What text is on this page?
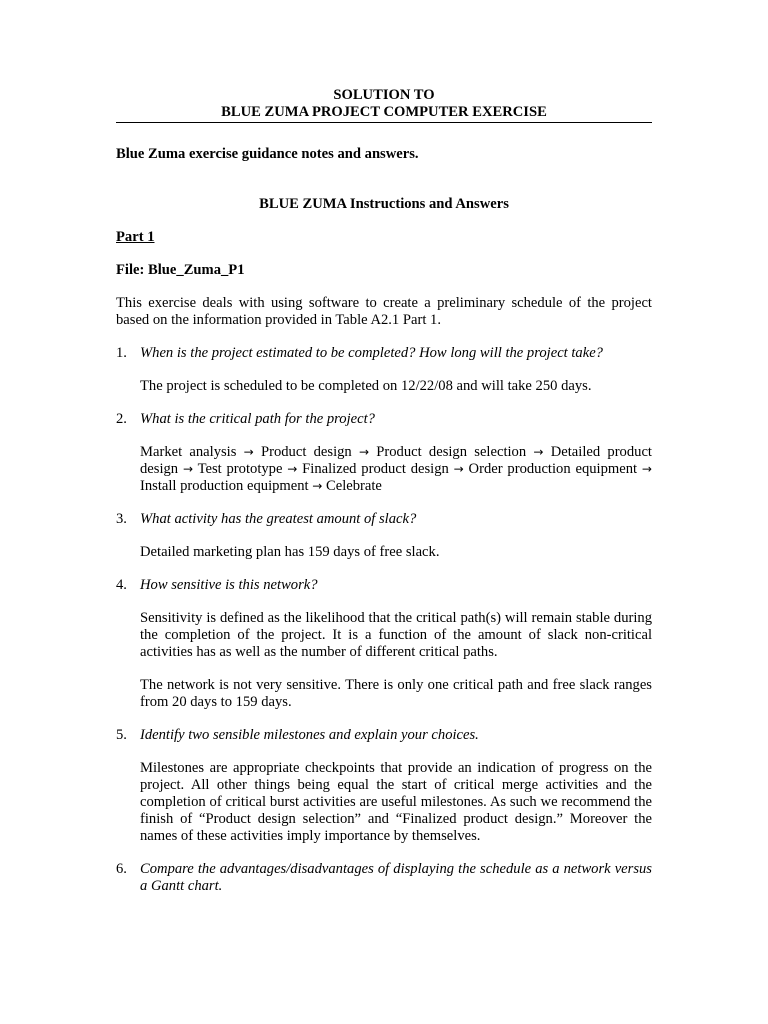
SOLUTION TO
BLUE ZUMA PROJECT COMPUTER EXERCISE
Blue Zuma exercise guidance notes and answers.
BLUE ZUMA Instructions and Answers
Part 1
File: Blue_Zuma_P1
This exercise deals with using software to create a preliminary schedule of the project based on the information provided in Table A2.1 Part 1.
1. When is the project estimated to be completed? How long will the project take?
The project is scheduled to be completed on 12/22/08 and will take 250 days.
2. What is the critical path for the project?
Market analysis → Product design → Product design selection → Detailed product design → Test prototype → Finalized product design → Order production equipment → Install production equipment → Celebrate
3. What activity has the greatest amount of slack?
Detailed marketing plan has 159 days of free slack.
4. How sensitive is this network?
Sensitivity is defined as the likelihood that the critical path(s) will remain stable during the completion of the project. It is a function of the amount of slack non-critical activities has as well as the number of different critical paths.
The network is not very sensitive. There is only one critical path and free slack ranges from 20 days to 159 days.
5. Identify two sensible milestones and explain your choices.
Milestones are appropriate checkpoints that provide an indication of progress on the project. All other things being equal the start of critical merge activities and the completion of critical burst activities are useful milestones. As such we recommend the finish of “Product design selection” and “Finalized product design.” Moreover the names of these activities imply importance by themselves.
6. Compare the advantages/disadvantages of displaying the schedule as a network versus a Gantt chart.
